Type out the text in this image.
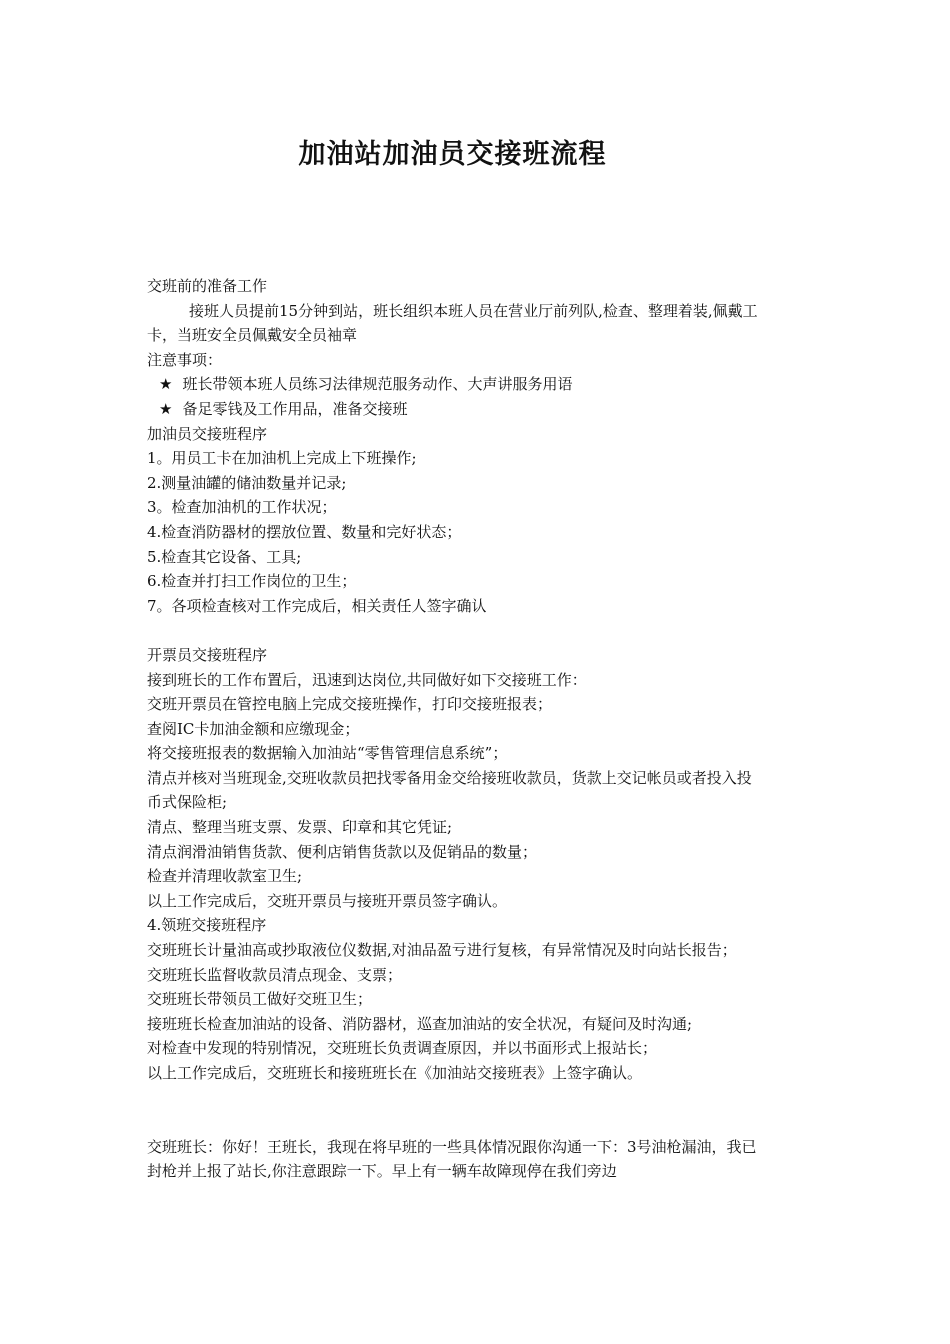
加油站加油员交接班流程

交班前的准备工作

接班人员提前15分钟到站，班长组织本班人员在营业厅前列队,检查、整理着装,佩戴工卡，当班安全员佩戴安全员袖章

注意事项：

★ 班长带领本班人员练习法律规范服务动作、大声讲服务用语

★ 备足零钱及工作用品，准备交接班

加油员交接班程序

1。用员工卡在加油机上完成上下班操作;

2.测量油罐的储油数量并记录;

3。检查加油机的工作状况；

4.检查消防器材的摆放位置、数量和完好状态；

5.检查其它设备、工具;

6.检查并打扫工作岗位的卫生；

7。各项检查核对工作完成后，相关责任人签字确认

开票员交接班程序

接到班长的工作布置后，迅速到达岗位,共同做好如下交接班工作：

交班开票员在管控电脑上完成交接班操作，打印交接班报表；

查阅IC卡加油金额和应缴现金；

将交接班报表的数据输入加油站“零售管理信息系统”；

清点并核对当班现金,交班收款员把找零备用金交给接班收款员，货款上交记帐员或者投入投币式保险柜;

清点、整理当班支票、发票、印章和其它凭证;

清点润滑油销售货款、便利店销售货款以及促销品的数量；

检查并清理收款室卫生;

以上工作完成后，交班开票员与接班开票员签字确认。

4.领班交接班程序

交班班长计量油高或抄取液位仪数据,对油品盈亏进行复核，有异常情况及时向站长报告；

交班班长监督收款员清点现金、支票；

交班班长带领员工做好交班卫生；

接班班长检查加油站的设备、消防器材，巡查加油站的安全状况，有疑问及时沟通;

对检查中发现的特别情况，交班班长负责调查原因，并以书面形式上报站长；

以上工作完成后，交班班长和接班班长在《加油站交接班表》上签字确认。

交班班长：你好！王班长，我现在将早班的一些具体情况跟你沟通一下：3号油枪漏油，我已封枪并上报了站长,你注意跟踪一下。早上有一辆车故障现停在我们旁边
